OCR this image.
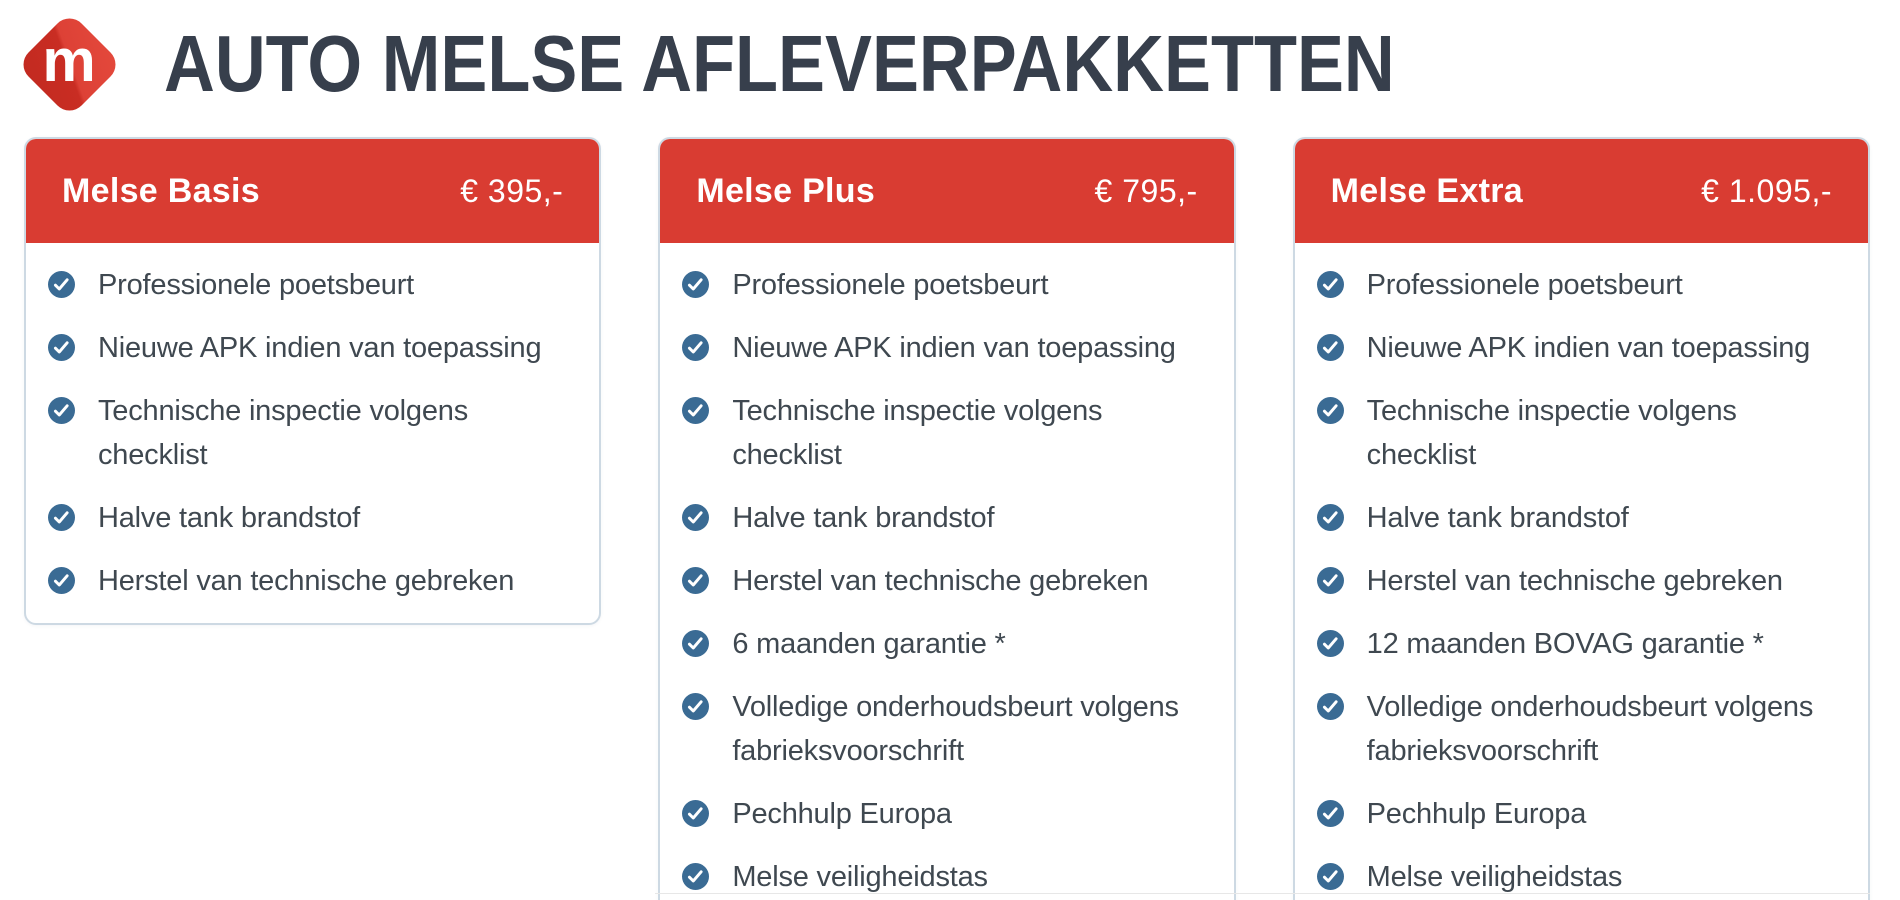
m AUTO MELSE AFLEVERPAKKETTEN
Melse Basis	€ 395,-
Professionele poetsbeurt
Nieuwe APK indien van toepassing
Technische inspectie volgens checklist
Halve tank brandstof
Herstel van technische gebreken
Melse Plus	€ 795,-
Professionele poetsbeurt
Nieuwe APK indien van toepassing
Technische inspectie volgens checklist
Halve tank brandstof
Herstel van technische gebreken
6 maanden garantie *
Volledige onderhoudsbeurt volgens fabrieksvoorschrift
Pechhulp Europa
Melse veiligheidstas
Melse Extra	€ 1.095,-
Professionele poetsbeurt
Nieuwe APK indien van toepassing
Technische inspectie volgens checklist
Halve tank brandstof
Herstel van technische gebreken
12 maanden BOVAG garantie *
Volledige onderhoudsbeurt volgens fabrieksvoorschrift
Pechhulp Europa
Melse veiligheidstas
